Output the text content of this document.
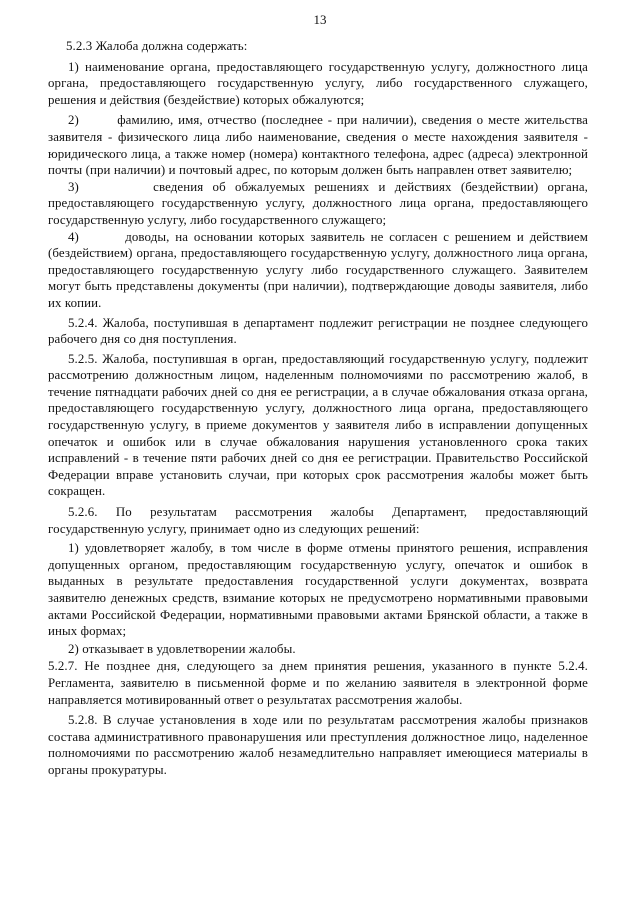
13

5.2.3 Жалоба должна содержать:

1) наименование органа, предоставляющего государственную услугу, должностного лица органа, предоставляющего государственную услугу, либо государственного служащего, решения и действия (бездействие) которых обжалуются;

2)        фамилию, имя, отчество (последнее - при наличии), сведения о месте жительства заявителя - физического лица либо наименование, сведения о месте нахождения заявителя - юридического лица, а также номер (номера) контактного телефона, адрес (адреса) электронной почты (при наличии) и почтовый адрес, по которым должен быть направлен ответ заявителю;

3)        сведения об обжалуемых решениях и действиях (бездействии) органа, предоставляющего государственную услугу, должностного лица органа, предоставляющего государственную услугу, либо государственного служащего;

4)        доводы, на основании которых заявитель не согласен с решением и действием (бездействием) органа, предоставляющего государственную услугу, должностного лица органа, предоставляющего государственную услугу либо государственного служащего. Заявителем могут быть представлены документы (при наличии), подтверждающие доводы заявителя, либо их копии.

5.2.4. Жалоба, поступившая в департамент подлежит регистрации не позднее следующего рабочего дня со дня поступления.

5.2.5. Жалоба, поступившая в орган, предоставляющий государственную услугу, подлежит рассмотрению должностным лицом, наделенным полномочиями по рассмотрению жалоб, в течение пятнадцати рабочих дней со дня ее регистрации, а в случае обжалования отказа органа, предоставляющего государственную услугу, должностного лица органа, предоставляющего государственную услугу, в приеме документов у заявителя либо в исправлении допущенных опечаток и ошибок или в случае обжалования нарушения установленного срока таких исправлений - в течение пяти рабочих дней со дня ее регистрации. Правительство Российской Федерации вправе установить случаи, при которых срок рассмотрения жалобы может быть сокращен.

5.2.6. По результатам рассмотрения жалобы Департамент, предоставляющий государственную услугу, принимает одно из следующих решений:

1) удовлетворяет жалобу, в том числе в форме отмены принятого решения, исправления допущенных органом, предоставляющим государственную услугу, опечаток и ошибок в выданных в результате предоставления государственной услуги документах, возврата заявителю денежных средств, взимание которых не предусмотрено нормативными правовыми актами Российской Федерации, нормативными правовыми актами Брянской области, а также в иных формах;

2) отказывает в удовлетворении жалобы.

5.2.7. Не позднее дня, следующего за днем принятия решения, указанного в пункте 5.2.4. Регламента, заявителю в письменной форме и по желанию заявителя в электронной форме направляется мотивированный ответ о результатах рассмотрения жалобы.

5.2.8. В случае установления в ходе или по результатам рассмотрения жалобы признаков состава административного правонарушения или преступления должностное лицо, наделенное полномочиями по рассмотрению жалоб незамедлительно направляет имеющиеся материалы в органы прокуратуры.
